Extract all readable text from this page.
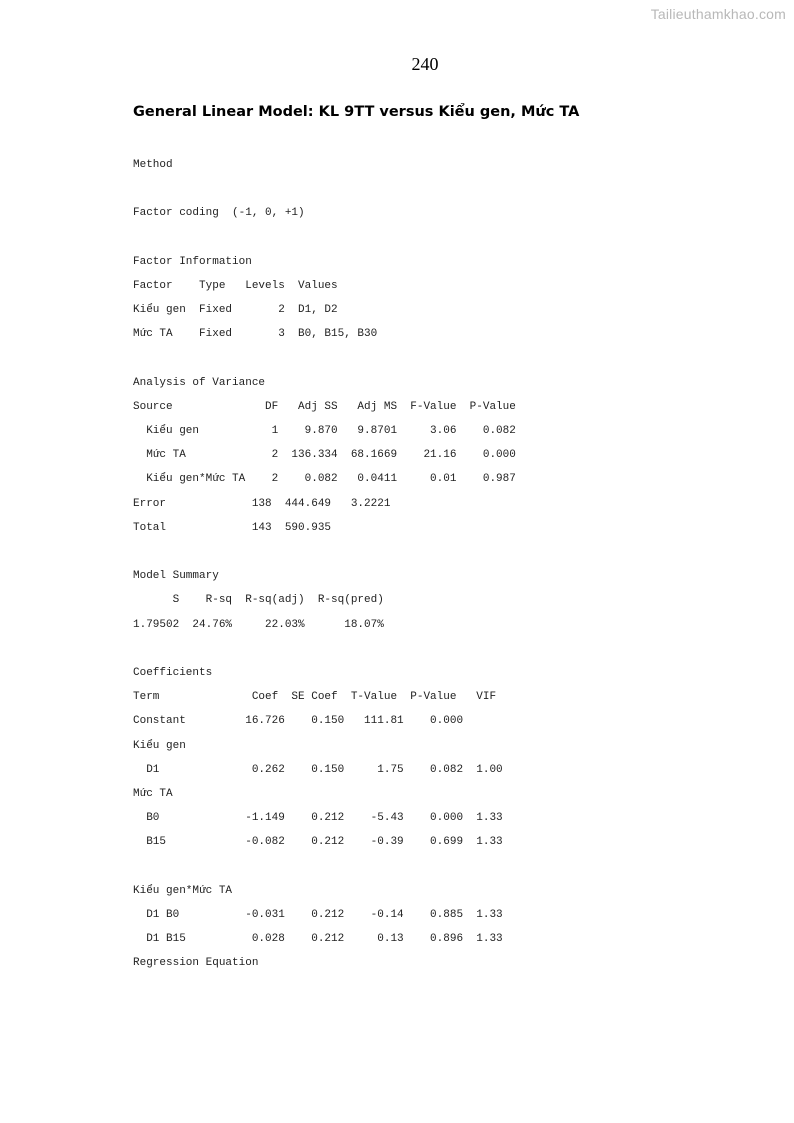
Tailieuthamkhao.com
240
General Linear Model: KL 9TT versus Kiểu gen, Mức TA
Method
Factor coding  (-1, 0, +1)
Factor Information
Factor    Type   Levels  Values
Kiểu gen  Fixed       2  D1, D2
Mức TA    Fixed       3  B0, B15, B30
Analysis of Variance
Source              DF   Adj SS   Adj MS  F-Value  P-Value
Kiểu gen           1    9.870   9.8701     3.06    0.082
Mức TA             2  136.334  68.1669    21.16    0.000
Kiểu gen*Mức TA    2    0.082   0.0411     0.01    0.987
Error             138  444.649   3.2221
Total             143  590.935
Model Summary
S    R-sq  R-sq(adj)  R-sq(pred)
1.79502  24.76%     22.03%      18.07%
Coefficients
Term              Coef  SE Coef  T-Value  P-Value   VIF
Constant         16.726    0.150   111.81    0.000
Kiểu gen
D1              0.262    0.150     1.75    0.082  1.00
Mức TA
B0             -1.149    0.212    -5.43    0.000  1.33
B15            -0.082    0.212    -0.39    0.699  1.33
Kiểu gen*Mức TA
D1 B0          -0.031    0.212    -0.14    0.885  1.33
D1 B15          0.028    0.212     0.13    0.896  1.33
Regression Equation
